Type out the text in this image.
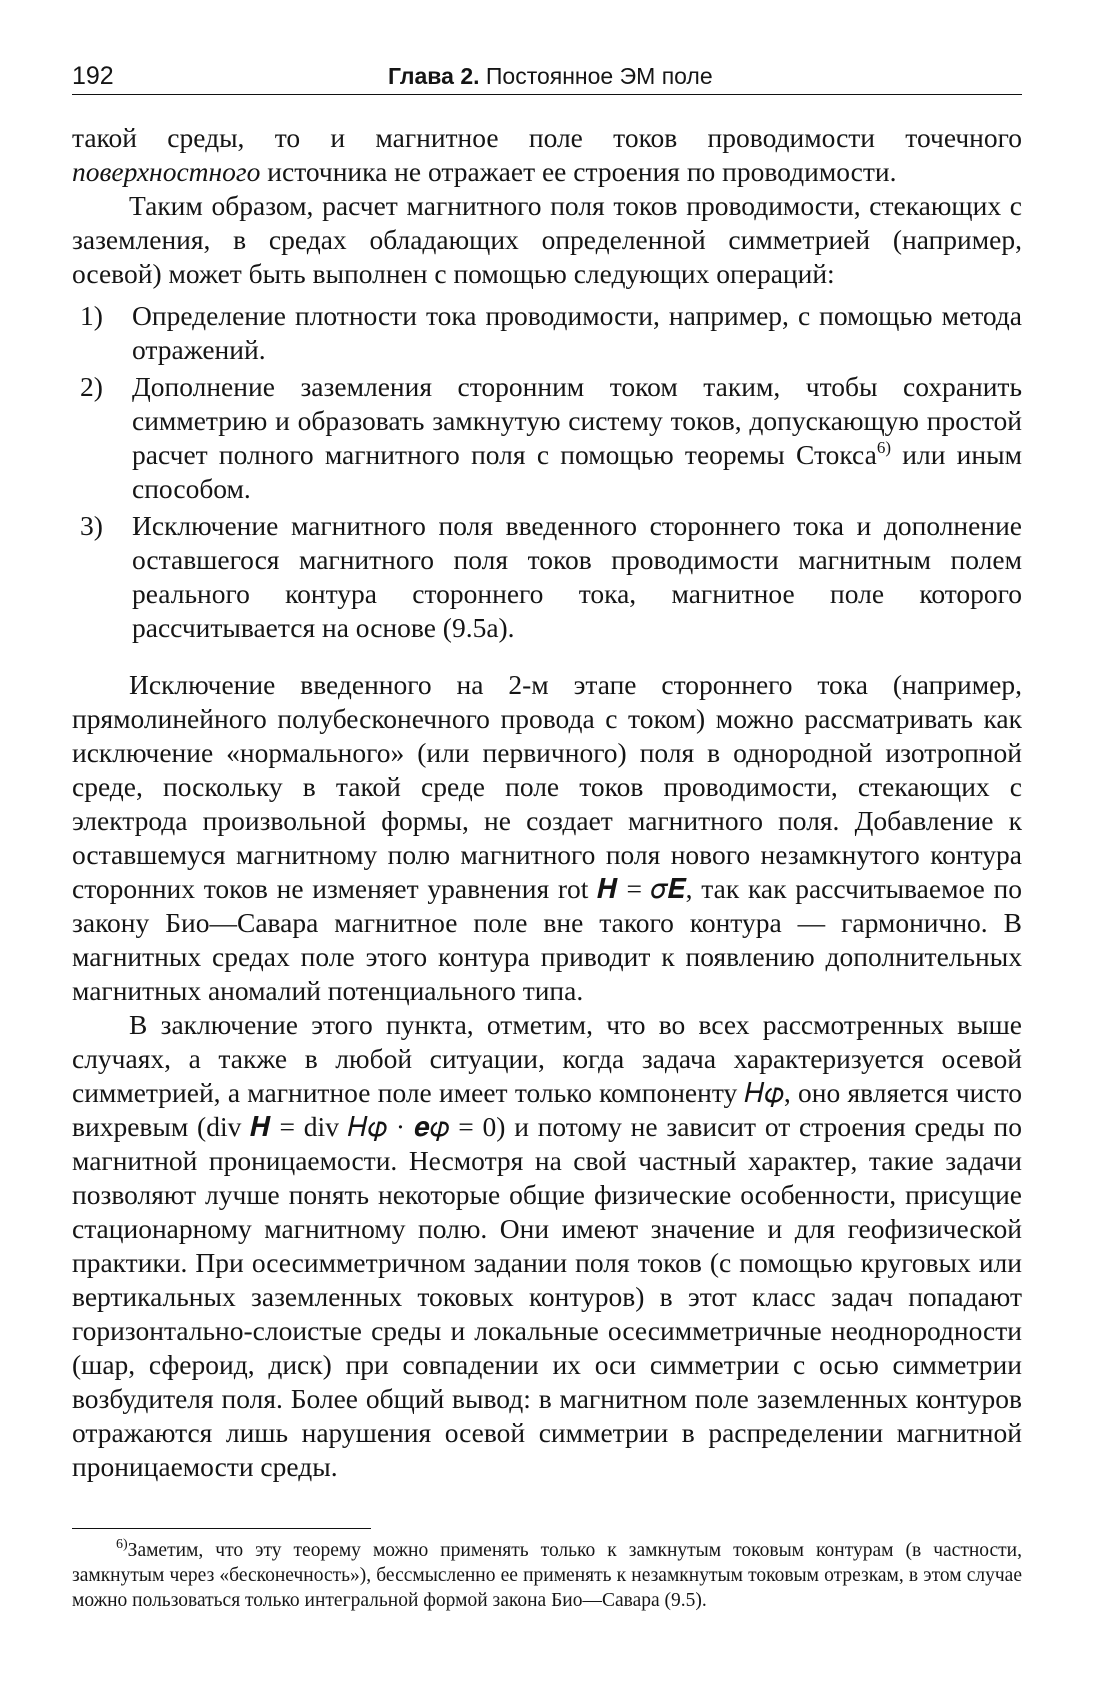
192	Глава 2. Постоянное ЭМ поле

такой среды, то и магнитное поле токов проводимости точечного поверхностного источника не отражает ее строения по проводимости.

Таким образом, расчет магнитного поля токов проводимости, стекающих с заземления, в средах обладающих определенной симметрией (например, осевой) может быть выполнен с помощью следующих операций:

1) Определение плотности тока проводимости, например, с помощью метода отражений.
2) Дополнение заземления сторонним током таким, чтобы сохранить симметрию и образовать замкнутую систему токов, допускающую простой расчет полного магнитного поля с помощью теоремы Стокса$^{6)}$ или иным способом.
3) Исключение магнитного поля введенного стороннего тока и дополнение оставшегося магнитного поля токов проводимости магнитным полем реального контура стороннего тока, магнитное поле которого рассчитывается на основе (9.5a).

Исключение введенного на 2-м этапе стороннего тока (например, прямолинейного полубесконечного провода с током) можно рассматривать как исключение «нормального» (или первичного) поля в однородной изотропной среде, поскольку в такой среде поле токов проводимости, стекающих с электрода произвольной формы, не создает магнитного поля. Добавление к оставшемуся магнитному полю магнитного поля нового незамкнутого контура сторонних токов не изменяет уравнения rot 𝑯 = 𝜎𝑬, так как рассчитываемое по закону Био—Савара магнитное поле вне такого контура — гармонично. В магнитных средах поле этого контура приводит к появлению дополнительных магнитных аномалий потенциального типа.

В заключение этого пункта, отметим, что во всех рассмотренных выше случаях, а также в любой ситуации, когда задача характеризуется осевой симметрией, а магнитное поле имеет только компоненту 𝐻𝜑, оно является чисто вихревым (div 𝑯 = div 𝐻𝜑 · 𝒆𝜑 = 0) и потому не зависит от строения среды по магнитной проницаемости. Несмотря на свой частный характер, такие задачи позволяют лучше понять некоторые общие физические особенности, присущие стационарному магнитному полю. Они имеют значение и для геофизической практики. При осесимметричном задании поля токов (с помощью круговых или вертикальных заземленных токовых контуров) в этот класс задач попадают горизонтально-слоистые среды и локальные осесимметричные неоднородности (шар, сфероид, диск) при совпадении их оси симметрии с осью симметрии возбудителя поля. Более общий вывод: в магнитном поле заземленных контуров отражаются лишь нарушения осевой симметрии в распределении магнитной проницаемости среды.

$^{6)}$Заметим, что эту теорему можно применять только к замкнутым токовым контурам (в частности, замкнутым через «бесконечность»), бессмысленно ее применять к незамкнутым токовым отрезкам, в этом случае можно пользоваться только интегральной формой закона Био—Савара (9.5).
